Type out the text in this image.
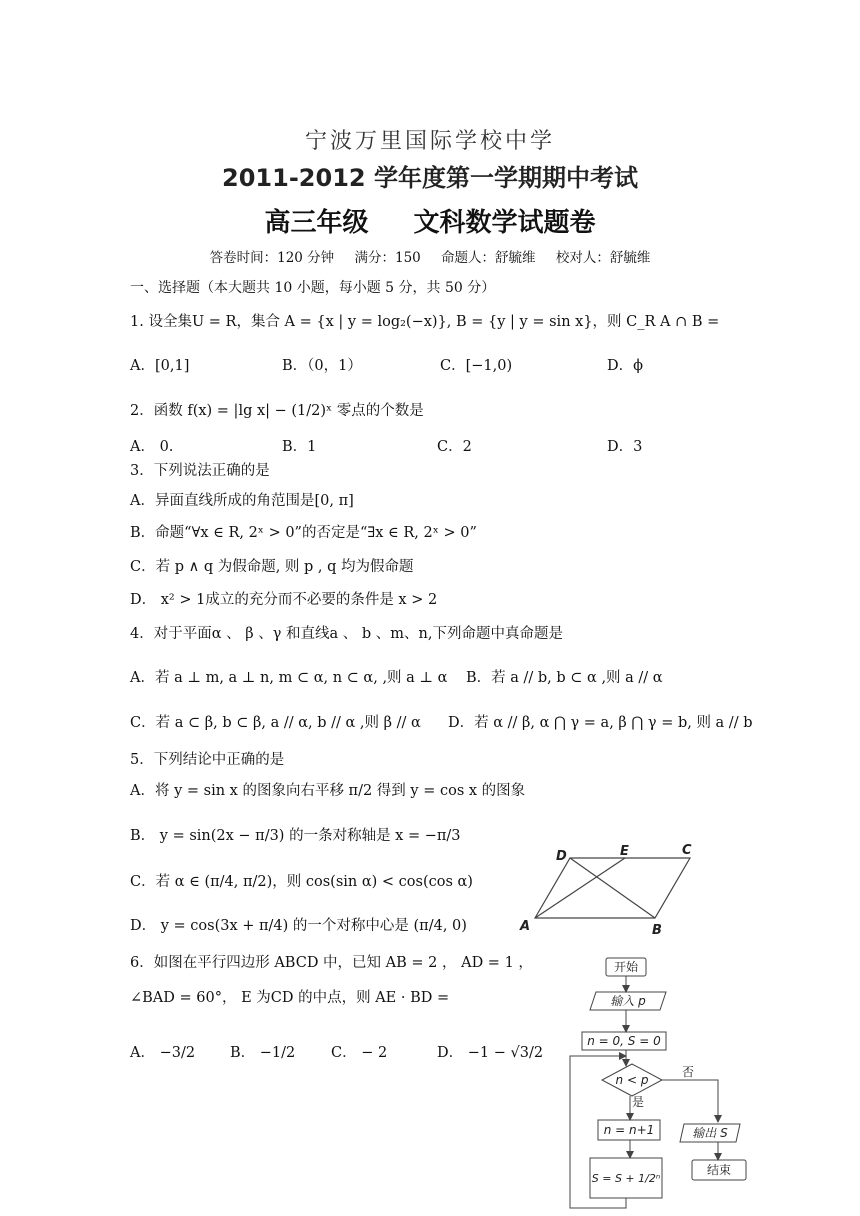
宁波万里国际学校中学
2011-2012 学年度第一学期期中考试
高三年级 文科数学试题卷
答卷时间：120 分钟 满分：150 命题人：舒毓维 校对人：舒毓维
一、选择题（本大题共 10 小题，每小题 5 分，共 50 分）
1. 设全集U = R，集合 A = {x | y = log₂(−x)}, B = {y | y = sin x}，则 C_R A ∩ B =
A．[0,1]	B．（0，1）	C．[−1,0)	D．ϕ
2．函数 f(x) = |lg x| − (1/2)ˣ 零点的个数是
A． 0.	B．1	C．2	D．3
3．下列说法正确的是
A．异面直线所成的角范围是[0, π]
B．命题“∀x ∈ R, 2ˣ > 0”的否定是“∃x ∈ R, 2ˣ > 0”
C．若 p ∧ q 为假命题, 则 p , q 均为假命题
D． x² > 1成立的充分而不必要的条件是 x > 2
4．对于平面α 、 β 、γ 和直线a 、 b 、m、n,下列命题中真命题是
A．若 a ⊥ m, a ⊥ n, m ⊂ α, n ⊂ α, ,则 a ⊥ α B．若 a // b, b ⊂ α ,则 a // α
C．若 a ⊂ β, b ⊂ β, a // α, b // α ,则 β // α D．若 α // β, α ⋂ γ = a, β ⋂ γ = b, 则 a // b
5．下列结论中正确的是
A．将 y = sin x 的图象向右平移 π/2 得到 y = cos x 的图象
B． y = sin(2x − π/3) 的一条对称轴是 x = −π/3
C．若 α ∈ (π/4, π/2)，则 cos(sin α) < cos(cos α)
D． y = cos(3x + π/4) 的一个对称中心是 (π/4, 0)
6．如图在平行四边形 ABCD 中，已知 AB = 2 ， AD = 1 ，
∠BAD = 60°， E 为CD 的中点，则 AE · BD =
A． −3/2 B． −1/2 C． − 2	D． −1 − √3/2
A	B
C
D	E
开始
输入 p
n = 0, S = 0
n < p
是
否
n = n+1
S = S + 1/2ⁿ
输出 S
结束
